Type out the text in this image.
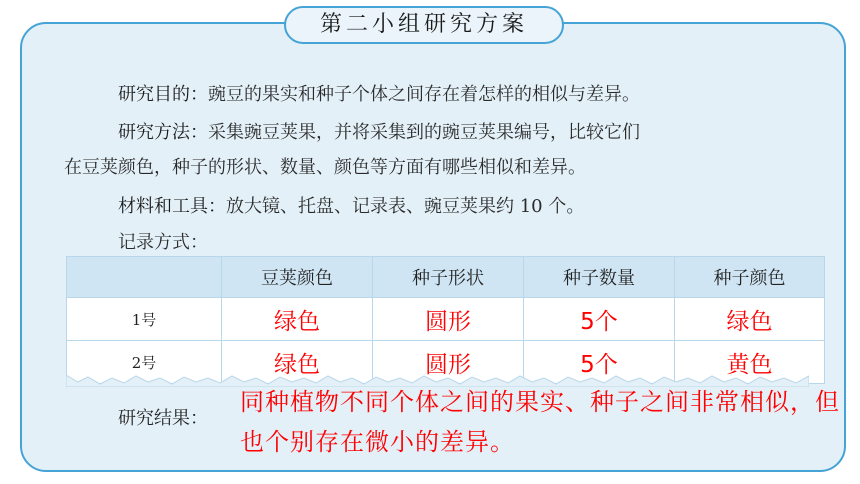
第二小组研究方案
研究目的：豌豆的果实和种子个体之间存在着怎样的相似与差异。
研究方法：采集豌豆荚果，并将采集到的豌豆荚果编号，比较它们
在豆荚颜色，种子的形状、数量、颜色等方面有哪些相似和差异。
材料和工具：放大镜、托盘、记录表、豌豆荚果约 10 个。
记录方式：
	豆荚颜色	种子形状	种子数量	种子颜色
1号	绿色	圆形	5个	绿色
2号	绿色	圆形	5个	黄色
研究结果：
同种植物不同个体之间的果实、种子之间非常相似，但也个别存在微小的差异。
